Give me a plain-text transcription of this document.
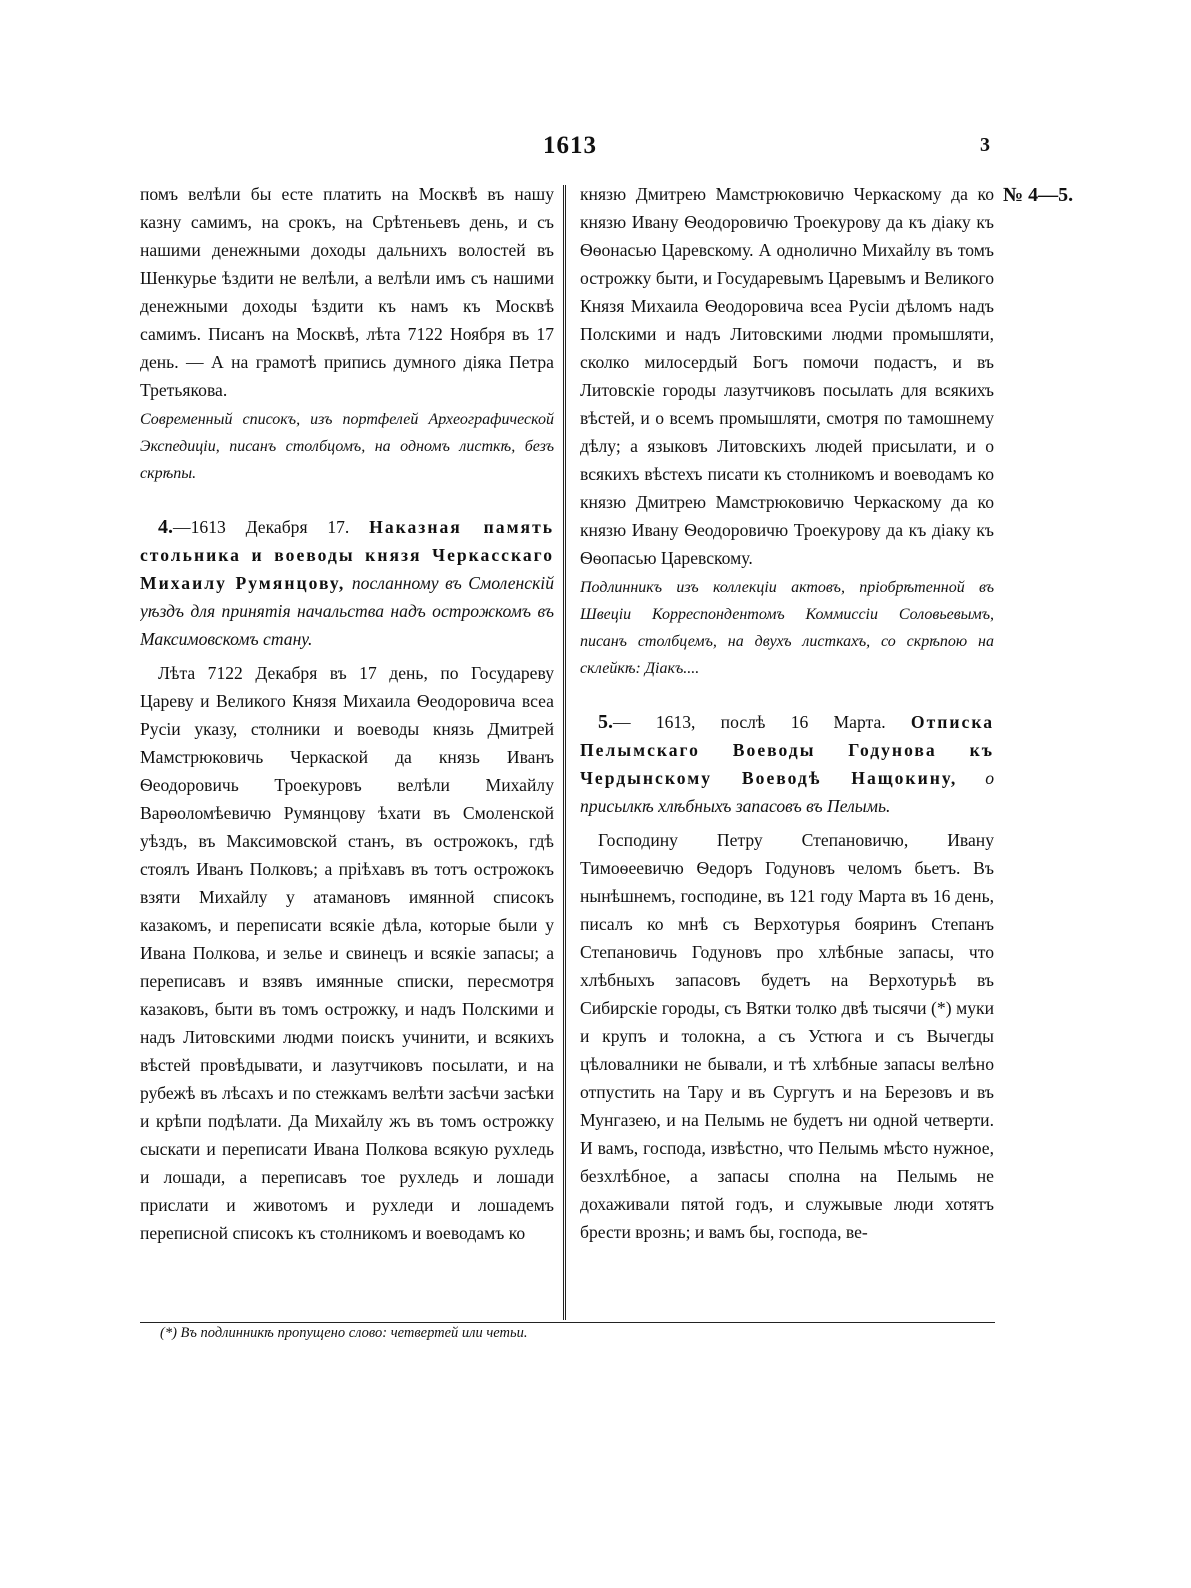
1613	3
№ 4—5.

помъ велѣли бы есте платить на Москвѣ въ нашу казну самимъ, на срокъ, на Срѣтеньевъ день, и съ нашими денежными доходы дальнихъ волостей въ Шенкурье ѣздити не велѣли, а велѣли имъ съ нашими денежными доходы ѣздити къ намъ къ Москвѣ самимъ. Писанъ на Москвѣ, лѣта 7122 Ноября въ 17 день. — А на грамотѣ припись думного дiяка Петра Третьякова.

Современный списокъ, изъ портфелей Археографической Экспедицiи, писанъ столбцомъ, на одномъ листкѣ, безъ скрѣпы.

4.—1613 Декабря 17. Наказная память стольника и воеводы князя Черкасскаго Михаилу Румянцову, посланному въ Смоленскiй уѣздъ для принятiя начальства надъ острожкомъ въ Максимовскомъ стану.

Лѣта 7122 Декабря въ 17 день, по Государеву Цареву и Великого Князя Михаила Ѳеодоровича всеа Русiи указу, столники и воеводы князь Дмитрей Мамстрюковичь Черкаской да князь Иванъ Ѳеодоровичь Троекуровъ велѣли Михайлу Варѳоломѣевичю Румянцову ѣхати въ Смоленской уѣздъ, въ Максимовской станъ, въ острожокъ, гдѣ стоялъ Иванъ Полковъ; а прiѣхавъ въ тотъ острожокъ взяти Михайлу у атамановъ имянной списокъ казакомъ, и переписати всякiе дѣла, которые были у Ивана Полкова, и зелье и свинецъ и всякiе запасы; а переписавъ и взявъ имянные списки, пересмотря казаковъ, быти въ томъ острожку, и надъ Полскими и надъ Литовскими людми поискъ учинити, и всякихъ вѣстей провѣдывати, и лазутчиковъ посылати, и на рубежѣ въ лѣсахъ и по стежкамъ велѣти засѣчи засѣки и крѣпи подѣлати. Да Михайлу жъ въ томъ острожку сыскати и переписати Ивана Полкова всякую рухледь и лошади, а переписавъ тое рухледь и лошади прислати и животомъ и рухледи и лошадемъ переписной списокъ къ столникомъ и воеводамъ ко

князю Дмитрею Мамстрюковичю Черкаскому да ко князю Ивану Ѳеодоровичю Троекурову да къ дiаку къ Ѳѳонасью Царевскому. А однолично Михайлу въ томъ острожку быти, и Государевымъ Царевымъ и Великого Князя Михаила Ѳеодоровича всеа Русiи дѣломъ надъ Полскими и надъ Литовскими людми промышляти, сколко милосердый Богъ помочи подастъ, и въ Литовскiе городы лазутчиковъ посылать для всякихъ вѣстей, и о всемъ промышляти, смотря по тамошнему дѣлу; а языковъ Литовскихъ людей присылати, и о всякихъ вѣстехъ писати къ столникомъ и воеводамъ ко князю Дмитрею Мамстрюковичю Черкаскому да ко князю Ивану Ѳеодоровичю Троекурову да къ дiаку къ Ѳѳопасью Царевскому.

Подлинникъ изъ коллекцiи актовъ, прiобрѣтенной въ Швецiи Корреспондентомъ Коммиссiи Соловьевымъ, писанъ столбцемъ, на двухъ листкахъ, со скрѣпою на склейкѣ: Дiакъ....

5.— 1613, послѣ 16 Марта. Отписка Пелымскаго Воеводы Годунова къ Чердынскому Воеводѣ Нащокину, о присылкѣ хлѣбныхъ запасовъ въ Пелымь.

Господину Петру Степановичю, Ивану Тимоѳеевичю Ѳедоръ Годуновъ челомъ бьетъ. Въ нынѣшнемъ, господине, въ 121 году Марта въ 16 день, писалъ ко мнѣ съ Верхотурья бояринъ Степанъ Степановичь Годуновъ про хлѣбные запасы, что хлѣбныхъ запасовъ будетъ на Верхотурьѣ въ Сибирскiе городы, съ Вятки толко двѣ тысячи (*) муки и крупъ и толокна, а съ Устюга и съ Вычегды цѣловалники не бывали, и тѣ хлѣбные запасы велѣно отпустить на Тару и въ Сургутъ и на Березовъ и въ Мунгазею, и на Пелымь не будетъ ни одной четверти. И вамъ, господа, извѣстно, что Пелымь мѣсто нужное, безхлѣбное, а запасы сполна на Пелымь не дохаживали пятой годъ, и служывые люди хотятъ брести врознь; и вамъ бы, господа, ве-

(*) Въ подлинникѣ пропущено слово: четвертей или четьи.
